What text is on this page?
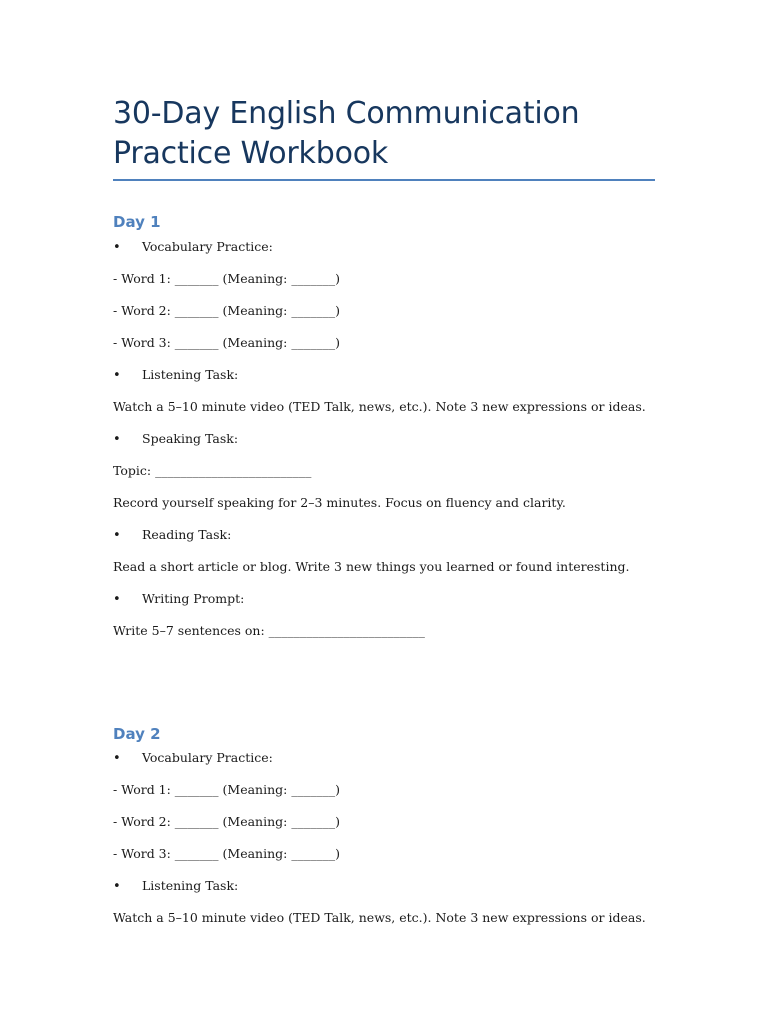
30-Day English Communication Practice Workbook
Day 1
• Vocabulary Practice:
- Word 1: _______ (Meaning: _______)
- Word 2: _______ (Meaning: _______)
- Word 3: _______ (Meaning: _______)
• Listening Task:
Watch a 5–10 minute video (TED Talk, news, etc.). Note 3 new expressions or ideas.
• Speaking Task:
Topic: _________________________
Record yourself speaking for 2–3 minutes. Focus on fluency and clarity.
• Reading Task:
Read a short article or blog. Write 3 new things you learned or found interesting.
• Writing Prompt:
Write 5–7 sentences on: _________________________
Day 2
• Vocabulary Practice:
- Word 1: _______ (Meaning: _______)
- Word 2: _______ (Meaning: _______)
- Word 3: _______ (Meaning: _______)
• Listening Task:
Watch a 5–10 minute video (TED Talk, news, etc.). Note 3 new expressions or ideas.
